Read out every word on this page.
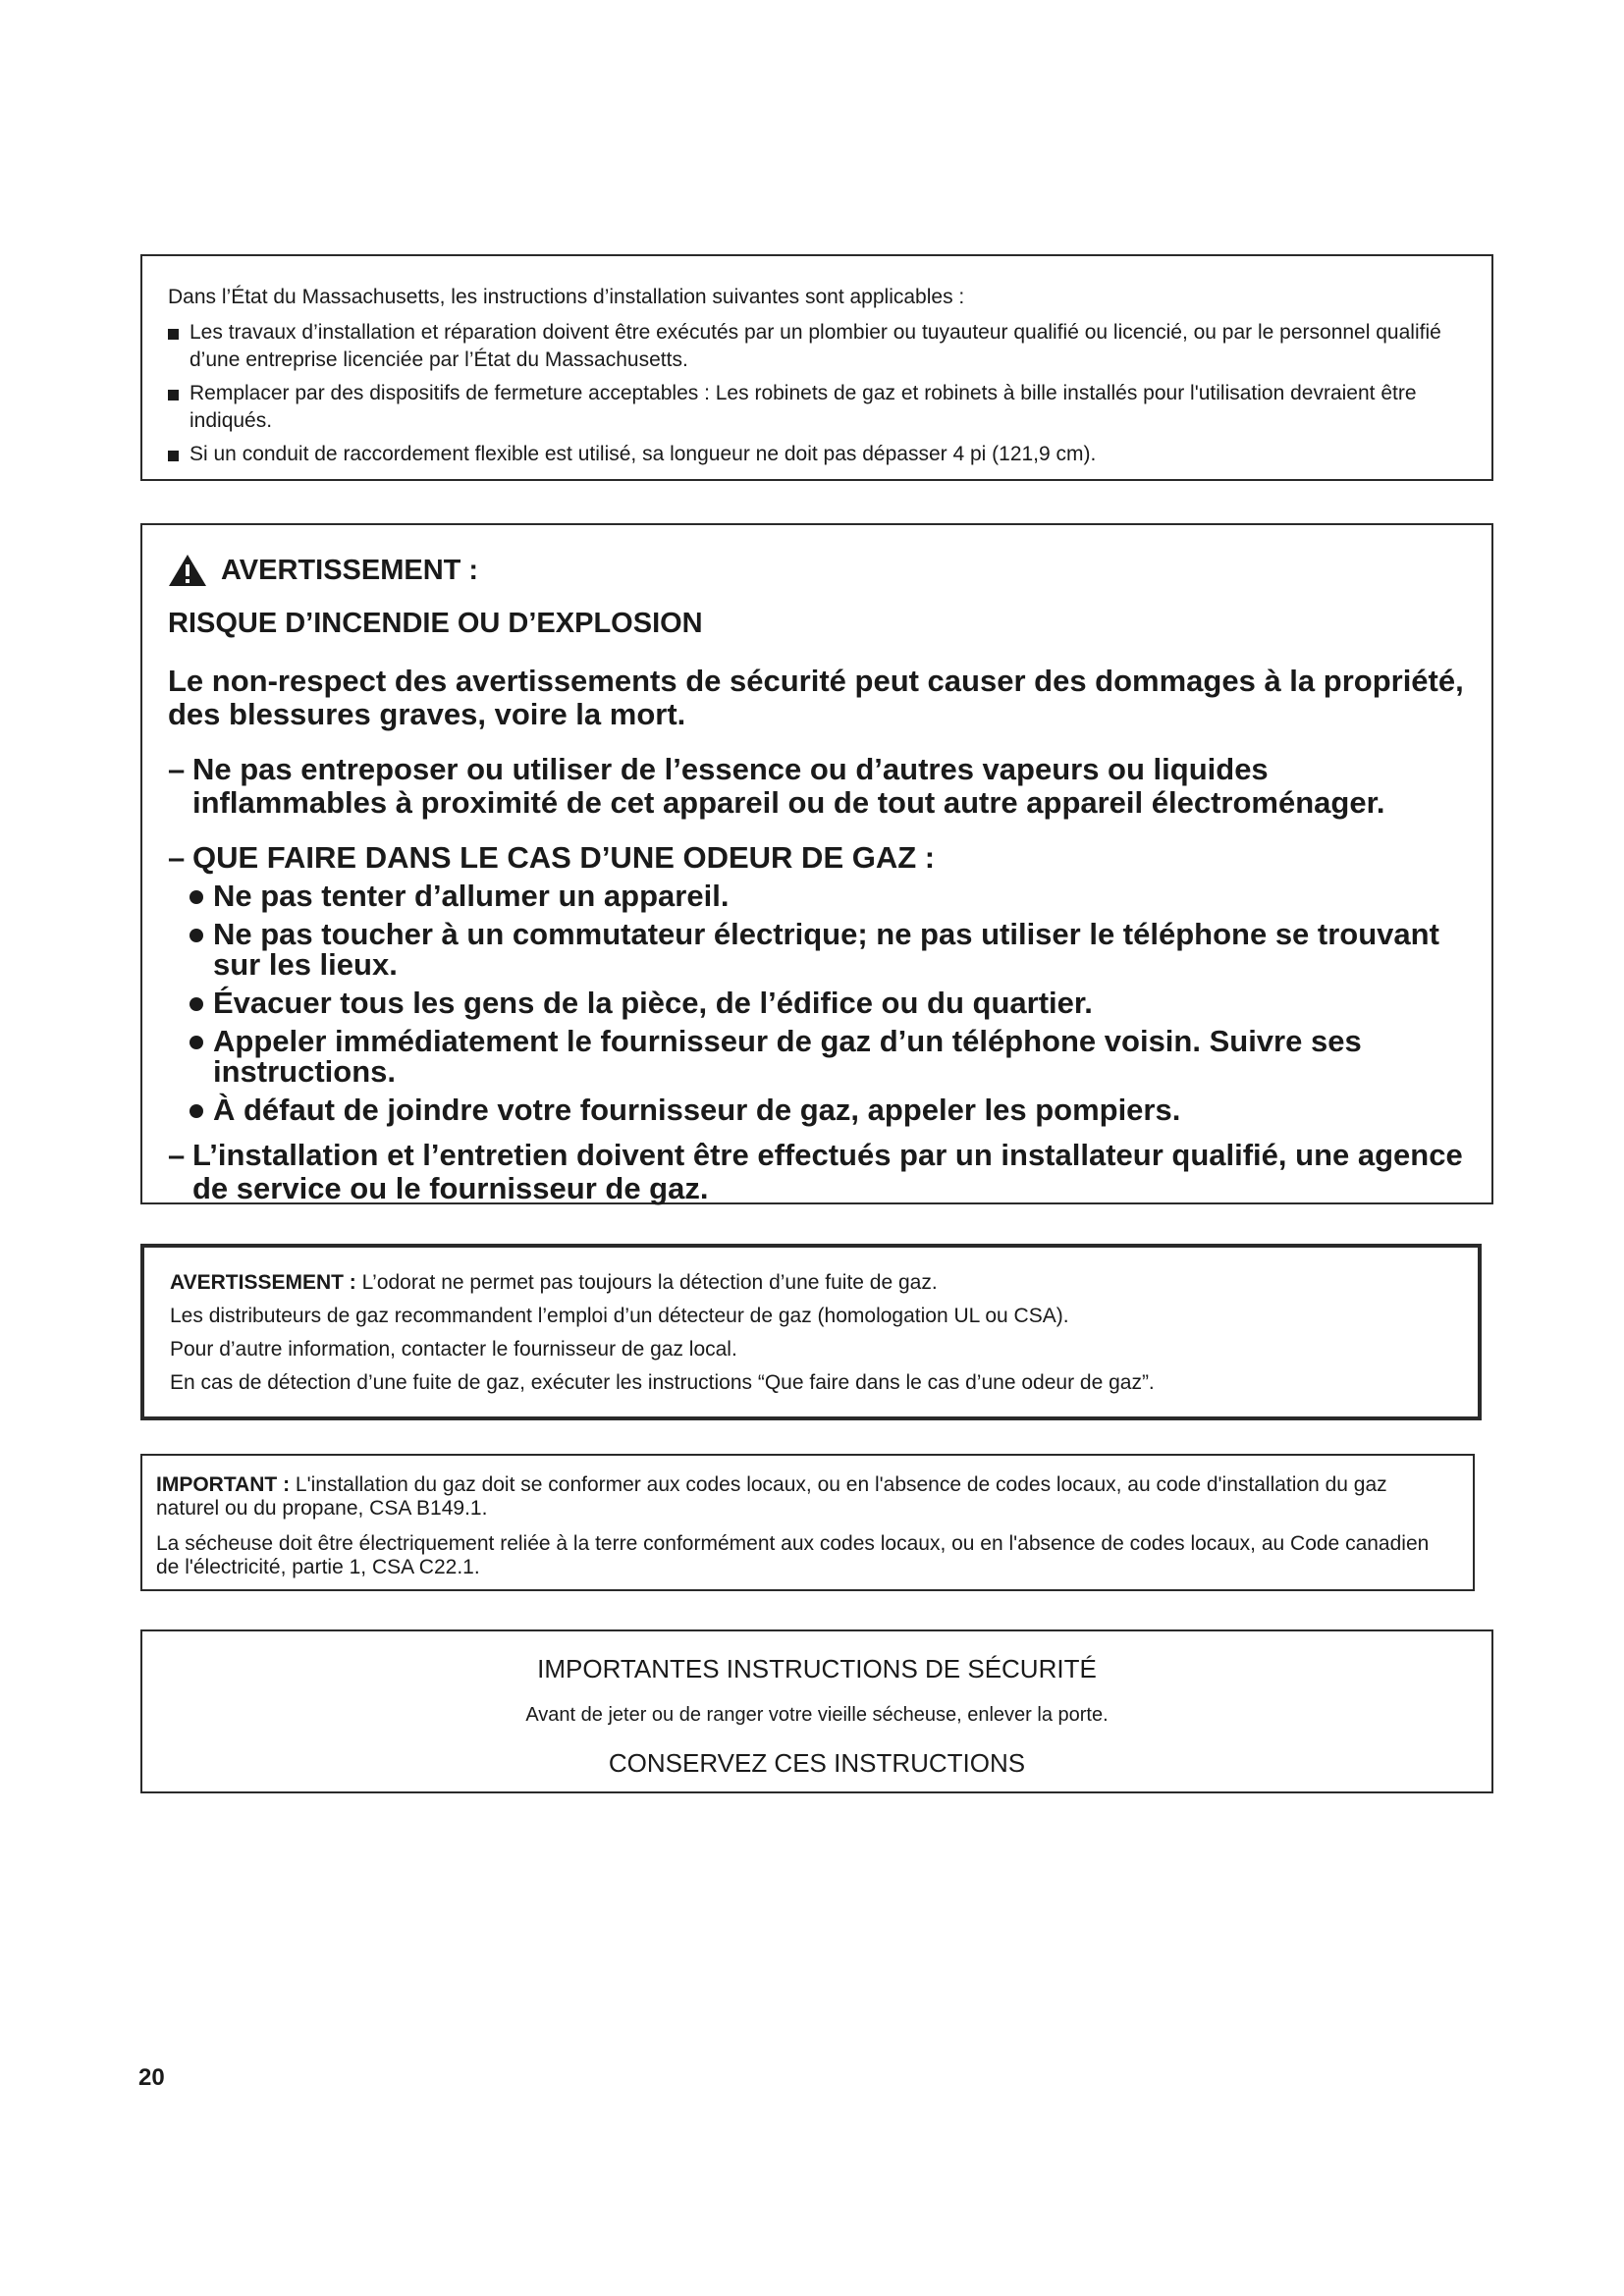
Dans l’État du Massachusetts, les instructions d’installation suivantes sont applicables :

Les travaux d’installation et réparation doivent être exécutés par un plombier ou tuyauteur qualifié ou licencié, ou par le personnel qualifié d’une entreprise licenciée par l’État du Massachusetts.
Remplacer par des dispositifs de fermeture acceptables : Les robinets de gaz et robinets à bille installés pour l'utilisation devraient être indiqués.
Si un conduit de raccordement flexible est utilisé, sa longueur ne doit pas dépasser 4 pi (121,9 cm).
AVERTISSEMENT :
RISQUE D’INCENDIE OU D’EXPLOSION
Le non-respect des avertissements de sécurité peut causer des dommages à la propriété, des blessures graves, voire la mort.
– Ne pas entreposer ou utiliser de l’essence ou d’autres vapeurs ou liquides inflammables à proximité de cet appareil ou de tout autre appareil électroménager.
– QUE FAIRE DANS LE CAS D’UNE ODEUR DE GAZ :
Ne pas tenter d’allumer un appareil.
Ne pas toucher à un commutateur électrique; ne pas utiliser le téléphone se trouvant sur les lieux.
Évacuer tous les gens de la pièce, de l’édifice ou du quartier.
Appeler immédiatement le fournisseur de gaz d’un téléphone voisin. Suivre ses instructions.
À défaut de joindre votre fournisseur de gaz, appeler les pompiers.
– L’installation et l’entretien doivent être effectués par un installateur qualifié, une agence de service ou le fournisseur de gaz.

AVERTISSEMENT : L’odorat ne permet pas toujours la détection d’une fuite de gaz.

Les distributeurs de gaz recommandent l’emploi d’un détecteur de gaz (homologation UL ou CSA).

Pour d’autre information, contacter le fournisseur de gaz local.

En cas de détection d’une fuite de gaz, exécuter les instructions “Que faire dans le cas d’une odeur de gaz”.

IMPORTANT : L'installation du gaz doit se conformer aux codes locaux, ou en l'absence de codes locaux, au code d'installation du gaz naturel ou du propane, CSA B149.1.

La sécheuse doit être électriquement reliée à la terre conformément aux codes locaux, ou en l'absence de codes locaux, au Code canadien de l'électricité, partie 1, CSA C22.1.

IMPORTANTES INSTRUCTIONS DE SÉCURITÉ
Avant de jeter ou de ranger votre vieille sécheuse, enlever la porte.
CONSERVEZ CES INSTRUCTIONS
20
